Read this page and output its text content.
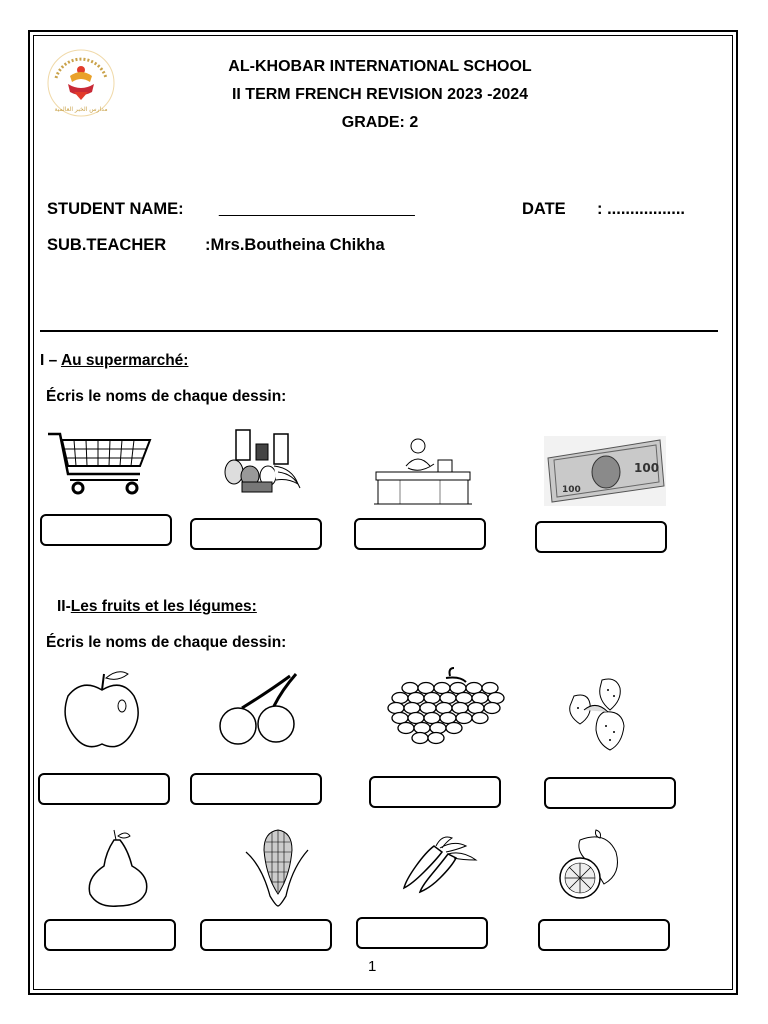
مدارس الخبر العالمية
AL-KHOBAR INTERNATIONAL SCHOOL
II TERM FRENCH REVISION 2023 -2024
GRADE: 2
STUDENT NAME: ______________________	DATE : .................
SUB.TEACHER :Mrs.Boutheina Chikha
I – Au supermarché:
Écris le noms de chaque dessin:
100
100
II-Les fruits et les légumes:
Écris le noms de chaque dessin:
1
